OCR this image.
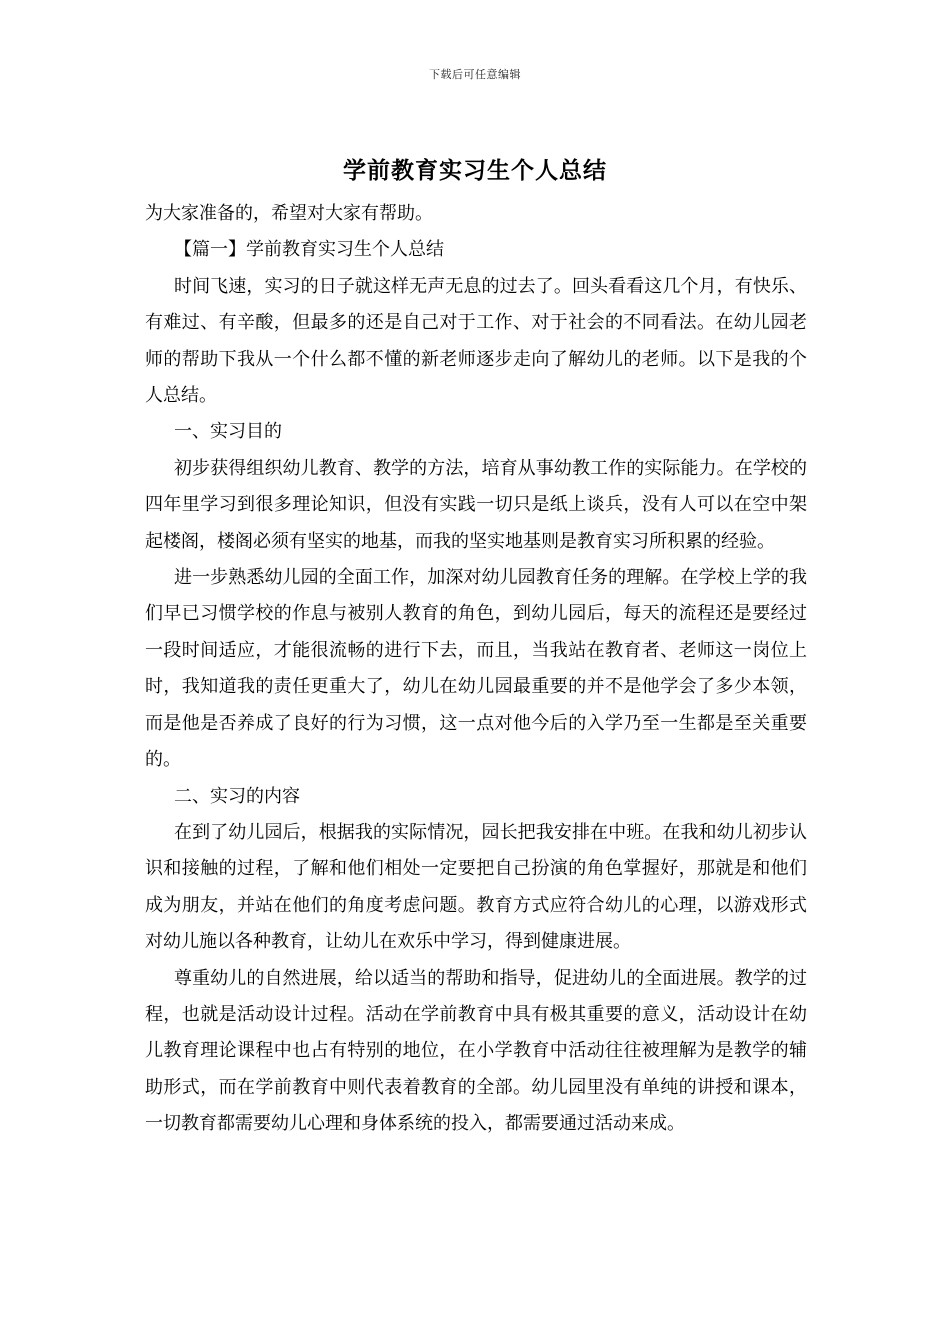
下载后可任意编辑
学前教育实习生个人总结

为大家准备的，希望对大家有帮助。

【篇一】学前教育实习生个人总结

时间飞速，实习的日子就这样无声无息的过去了。回头看看这几个月，有快乐、有难过、有辛酸，但最多的还是自己对于工作、对于社会的不同看法。在幼儿园老师的帮助下我从一个什么都不懂的新老师逐步走向了解幼儿的老师。以下是我的个人总结。

一、实习目的

初步获得组织幼儿教育、教学的方法，培育从事幼教工作的实际能力。在学校的四年里学习到很多理论知识，但没有实践一切只是纸上谈兵，没有人可以在空中架起楼阁，楼阁必须有坚实的地基，而我的坚实地基则是教育实习所积累的经验。

进一步熟悉幼儿园的全面工作，加深对幼儿园教育任务的理解。在学校上学的我们早已习惯学校的作息与被别人教育的角色，到幼儿园后，每天的流程还是要经过一段时间适应，才能很流畅的进行下去，而且，当我站在教育者、老师这一岗位上时，我知道我的责任更重大了，幼儿在幼儿园最重要的并不是他学会了多少本领，而是他是否养成了良好的行为习惯，这一点对他今后的入学乃至一生都是至关重要的。

二、实习的内容

在到了幼儿园后，根据我的实际情况，园长把我安排在中班。在我和幼儿初步认识和接触的过程，了解和他们相处一定要把自己扮演的角色掌握好，那就是和他们成为朋友，并站在他们的角度考虑问题。教育方式应符合幼儿的心理，以游戏形式对幼儿施以各种教育，让幼儿在欢乐中学习，得到健康进展。

尊重幼儿的自然进展，给以适当的帮助和指导，促进幼儿的全面进展。教学的过程，也就是活动设计过程。活动在学前教育中具有极其重要的意义，活动设计在幼儿教育理论课程中也占有特别的地位，在小学教育中活动往往被理解为是教学的辅助形式，而在学前教育中则代表着教育的全部。幼儿园里没有单纯的讲授和课本，一切教育都需要幼儿心理和身体系统的投入，都需要通过活动来成。
